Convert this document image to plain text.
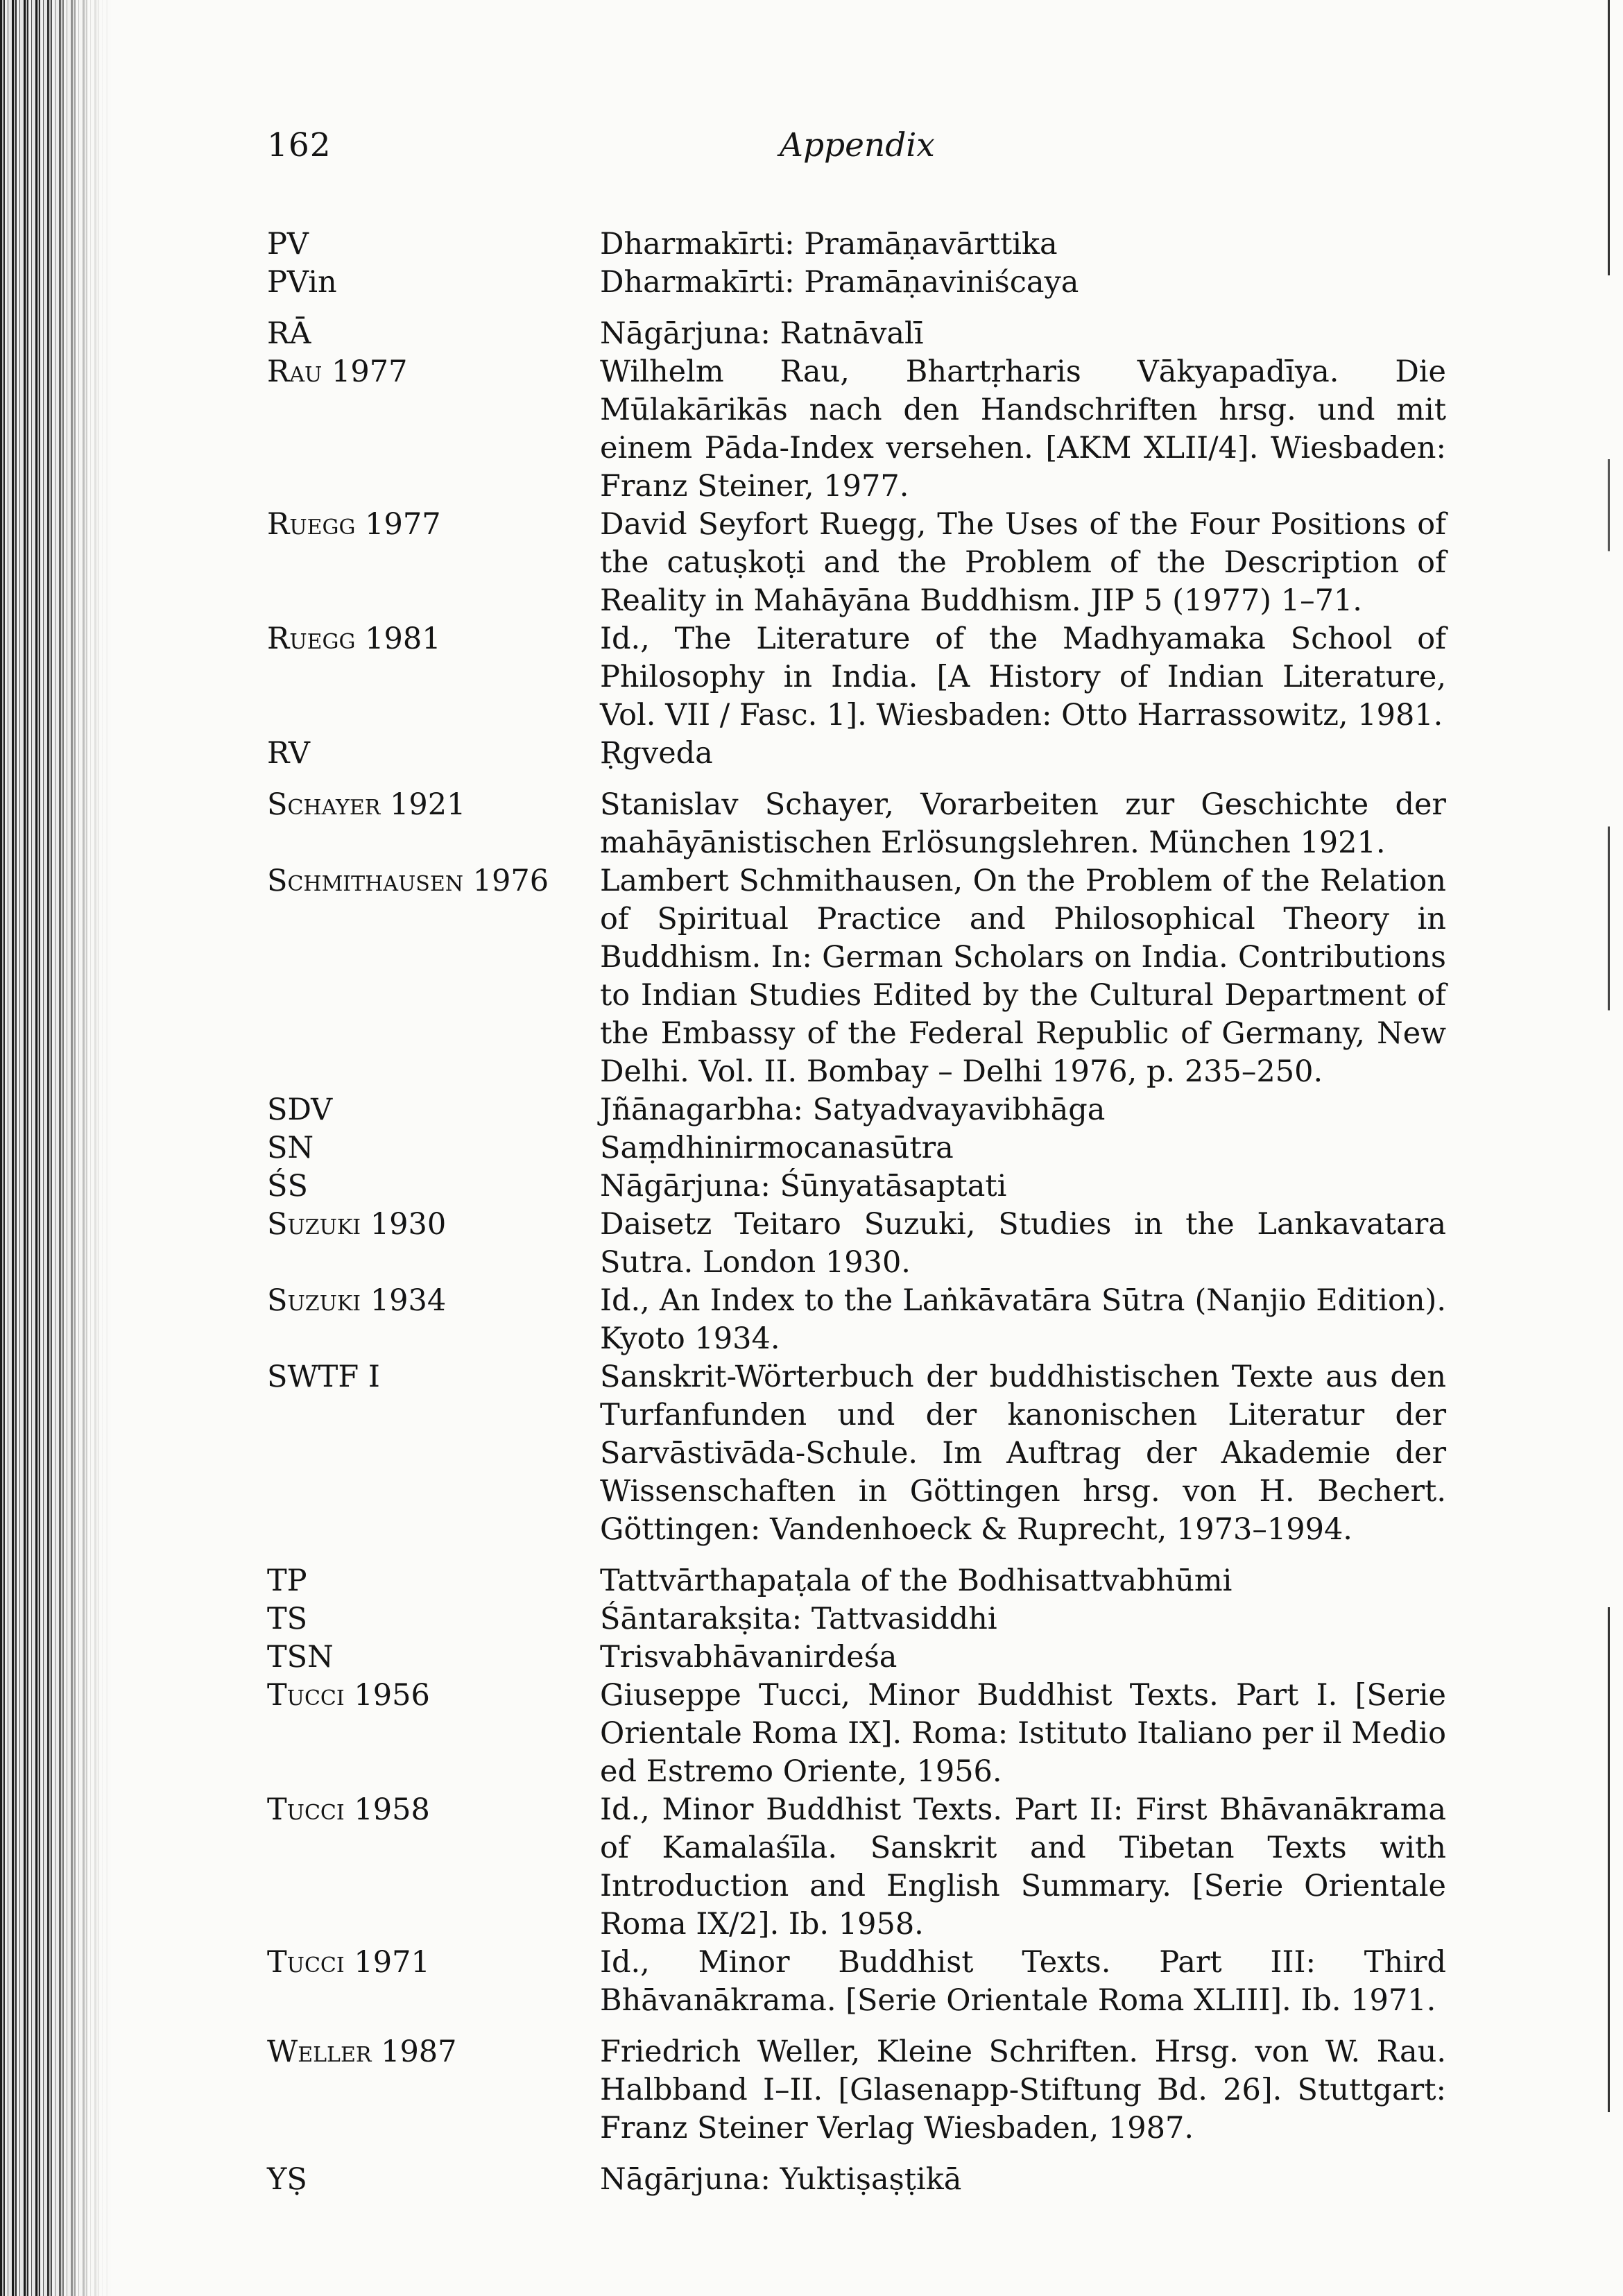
162	Appendix
PV	Dharmakīrti: Pramāṇavārttika
PVin	Dharmakīrti: Pramāṇaviniścaya
RĀ	Nāgārjuna: Ratnāvalī
Rau 1977	Wilhelm Rau, Bhartṛharis Vākyapadīya. Die Mūlakārikās nach den Handschriften hrsg. und mit einem Pāda-Index versehen. [AKM XLII/4]. Wiesbaden: Franz Steiner, 1977.
Ruegg 1977	David Seyfort Ruegg, The Uses of the Four Positions of the catuṣkoṭi and the Problem of the Description of Reality in Mahāyāna Buddhism. JIP 5 (1977) 1–71.
Ruegg 1981	Id., The Literature of the Madhyamaka School of Philosophy in India. [A History of Indian Literature, Vol. VII / Fasc. 1]. Wiesbaden: Otto Harrassowitz, 1981.
RV	Ṛgveda
Schayer 1921	Stanislav Schayer, Vorarbeiten zur Geschichte der mahāyānistischen Erlösungslehren. München 1921.
Schmithausen 1976	Lambert Schmithausen, On the Problem of the Relation of Spiritual Practice and Philosophical Theory in Buddhism. In: German Scholars on India. Contributions to Indian Studies Edited by the Cultural Department of the Embassy of the Federal Republic of Germany, New Delhi. Vol. II. Bombay – Delhi 1976, p. 235–250.
SDV	Jñānagarbha: Satyadvayavibhāga
SN	Saṃdhinirmocanasūtra
ŚS	Nāgārjuna: Śūnyatāsaptati
Suzuki 1930	Daisetz Teitaro Suzuki, Studies in the Lankavatara Sutra. London 1930.
Suzuki 1934	Id., An Index to the Laṅkāvatāra Sūtra (Nanjio Edition). Kyoto 1934.
SWTF I	Sanskrit-Wörterbuch der buddhistischen Texte aus den Turfanfunden und der kanonischen Literatur der Sarvāstivāda-Schule. Im Auftrag der Akademie der Wissenschaften in Göttingen hrsg. von H. Bechert. Göttingen: Vandenhoeck & Ruprecht, 1973–1994.
TP	Tattvārthapaṭala of the Bodhisattvabhūmi
TS	Śāntarakṣita: Tattvasiddhi
TSN	Trisvabhāvanirdeśa
Tucci 1956	Giuseppe Tucci, Minor Buddhist Texts. Part I. [Serie Orientale Roma IX]. Roma: Istituto Italiano per il Medio ed Estremo Oriente, 1956.
Tucci 1958	Id., Minor Buddhist Texts. Part II: First Bhāvanākrama of Kamalaśīla. Sanskrit and Tibetan Texts with Introduction and English Summary. [Serie Orientale Roma IX/2]. Ib. 1958.
Tucci 1971	Id., Minor Buddhist Texts. Part III: Third Bhāvanākrama. [Serie Orientale Roma XLIII]. Ib. 1971.
Weller 1987	Friedrich Weller, Kleine Schriften. Hrsg. von W. Rau. Halbband I–II. [Glasenapp-Stiftung Bd. 26]. Stuttgart: Franz Steiner Verlag Wiesbaden, 1987.
YṢ	Nāgārjuna: Yuktiṣaṣṭikā
